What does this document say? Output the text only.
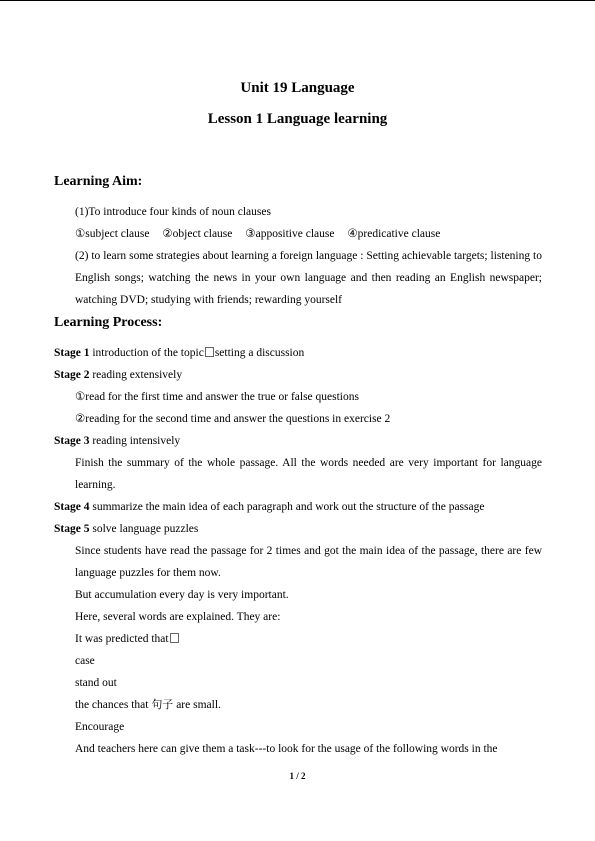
Unit 19 Language
Lesson 1 Language learning
Learning Aim:
(1)To introduce four kinds of noun clauses
①subject clause ②object clause ③appositive clause ④predicative clause
(2) to learn some strategies about learning a foreign language : Setting achievable targets; listening to English songs; watching the news in your own language and then reading an English newspaper; watching DVD; studying with friends; rewarding yourself
Learning Process:
Stage 1 introduction of the topic setting a discussion
Stage 2 reading extensively
①read for the first time and answer the true or false questions
②reading for the second time and answer the questions in exercise 2
Stage 3 reading intensively
Finish the summary of the whole passage. All the words needed are very important for language learning.
Stage 4 summarize the main idea of each paragraph and work out the structure of the passage
Stage 5 solve language puzzles
Since students have read the passage for 2 times and got the main idea of the passage, there are few language puzzles for them now.
But accumulation every day is very important.
Here, several words are explained. They are:
It was predicted that
case
stand out
the chances that 句子 are small.
Encourage
And teachers here can give them a task---to look for the usage of the following words in the
1 / 2
